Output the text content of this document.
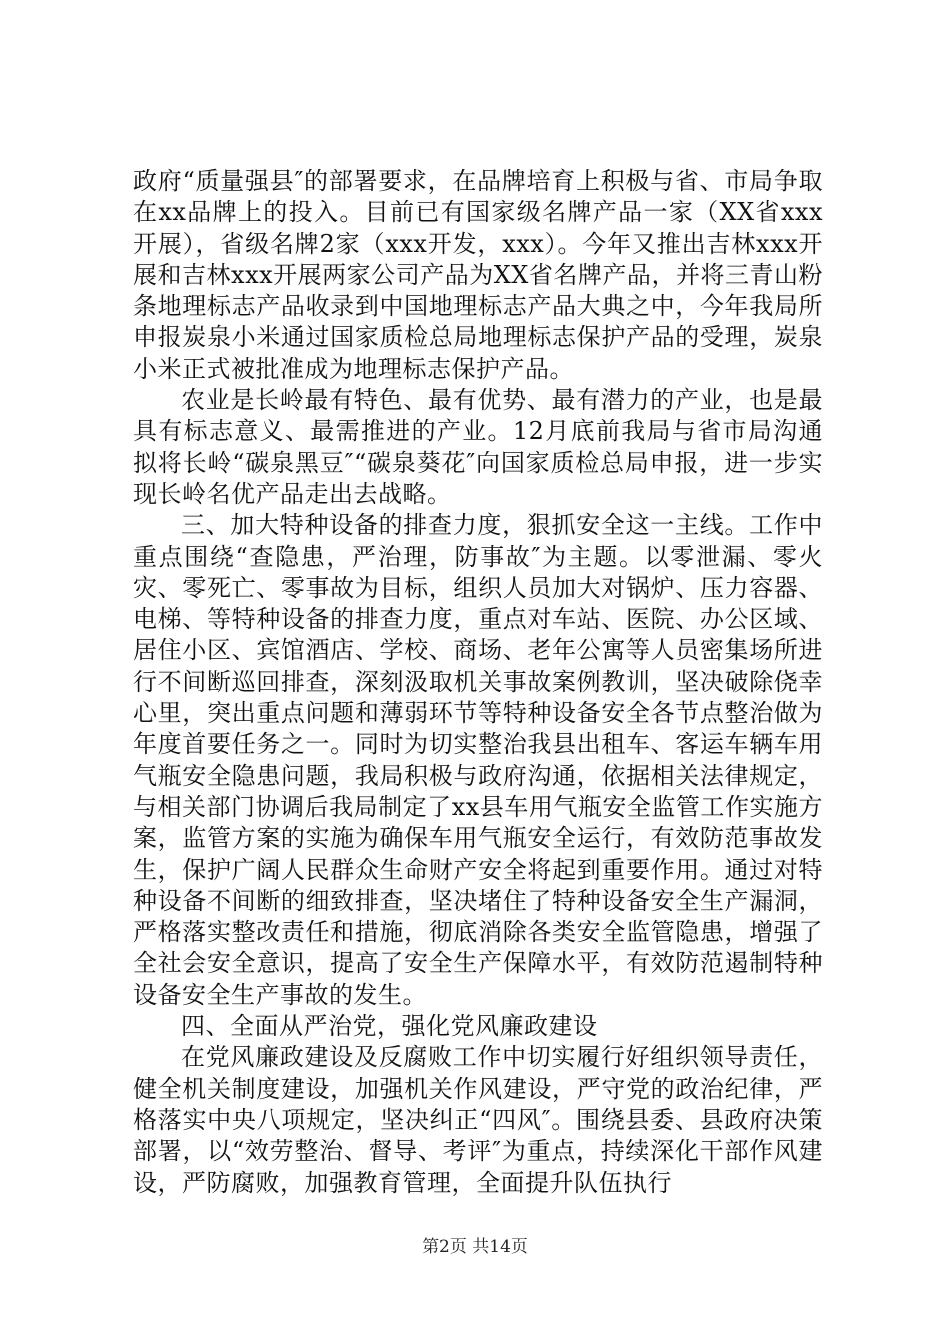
政府“质量强县″的部署要求，在品牌培育上积极与省、市局争取在xx品牌上的投入。目前已有国家级名牌产品一家（XX省xxx开展），省级名牌2家（xxx开发，xxx）。今年又推出吉林xxx开展和吉林xxx开展两家公司产品为XX省名牌产品，并将三青山粉条地理标志产品收录到中国地理标志产品大典之中，今年我局所申报炭泉小米通过国家质检总局地理标志保护产品的受理，炭泉小米正式被批准成为地理标志保护产品。

农业是长岭最有特色、最有优势、最有潜力的产业，也是最具有标志意义、最需推进的产业。12月底前我局与省市局沟通拟将长岭“碳泉黑豆″“碳泉葵花″向国家质检总局申报，进一步实现长岭名优产品走出去战略。

三、加大特种设备的排查力度，狠抓安全这一主线。工作中重点围绕“查隐患，严治理，防事故″为主题。以零泄漏、零火灾、零死亡、零事故为目标，组织人员加大对锅炉、压力容器、电梯、等特种设备的排查力度，重点对车站、医院、办公区域、居住小区、宾馆酒店、学校、商场、老年公寓等人员密集场所进行不间断巡回排查，深刻汲取机关事故案例教训，坚决破除侥幸心里，突出重点问题和薄弱环节等特种设备安全各节点整治做为年度首要任务之一。同时为切实整治我县出租车、客运车辆车用气瓶安全隐患问题，我局积极与政府沟通，依据相关法律规定，与相关部门协调后我局制定了xx县车用气瓶安全监管工作实施方案，监管方案的实施为确保车用气瓶安全运行，有效防范事故发生，保护广阔人民群众生命财产安全将起到重要作用。通过对特种设备不间断的细致排查，坚决堵住了特种设备安全生产漏洞，严格落实整改责任和措施，彻底消除各类安全监管隐患，增强了全社会安全意识，提高了安全生产保障水平，有效防范遏制特种设备安全生产事故的发生。

四、全面从严治党，强化党风廉政建设

在党风廉政建设及反腐败工作中切实履行好组织领导责任，健全机关制度建设，加强机关作风建设，严守党的政治纪律，严格落实中央八项规定，坚决纠正“四风″。围绕县委、县政府决策部署，以“效劳整治、督导、考评″为重点，持续深化干部作风建设，严防腐败，加强教育管理，全面提升队伍执行

第2页 共14页
